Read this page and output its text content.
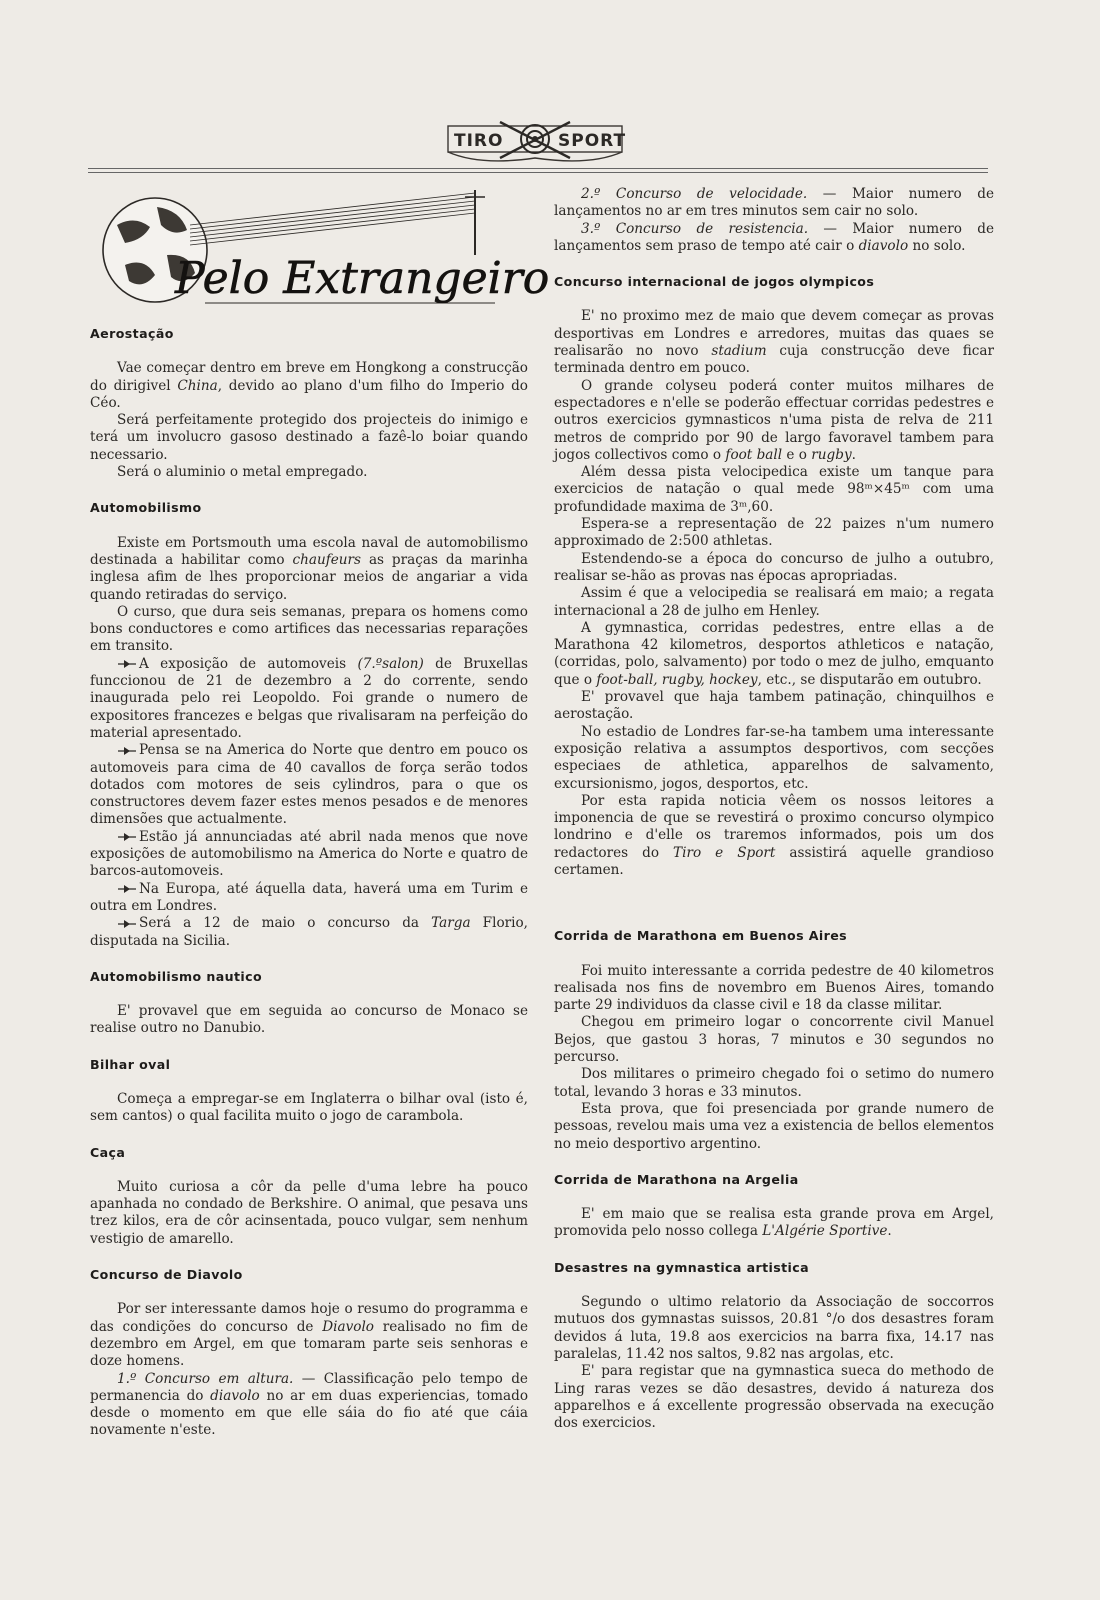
TIRO	SPORT
Pelo Extrangeiro
Aerostação

Vae começar dentro em breve em Hongkong a construcção do dirigivel China, devido ao plano d'um filho do Imperio do Céo.

Será perfeitamente protegido dos projecteis do inimigo e terá um involucro gasoso destinado a fazê-lo boiar quando necessario.

Será o aluminio o metal empregado.

Automobilismo

Existe em Portsmouth uma escola naval de automobilismo destinada a habilitar como chaufeurs as praças da marinha inglesa afim de lhes proporcionar meios de angariar a vida quando retiradas do serviço.

O curso, que dura seis semanas, prepara os homens como bons conductores e como artifices das necessarias reparações em transito.

A exposição de automoveis (7.ºsalon) de Bruxellas funccionou de 21 de dezembro a 2 do corrente, sendo inaugurada pelo rei Leopoldo. Foi grande o numero de expositores francezes e belgas que rivalisaram na perfeição do material apresentado.

Pensa se na America do Norte que dentro em pouco os automoveis para cima de 40 cavallos de força serão todos dotados com motores de seis cylindros, para o que os constructores devem fazer estes menos pesados e de menores dimensões que actualmente.

Estão já annunciadas até abril nada menos que nove exposições de automobilismo na America do Norte e quatro de barcos-automoveis.

Na Europa, até áquella data, haverá uma em Turim e outra em Londres.

Será a 12 de maio o concurso da Targa Florio, disputada na Sicilia.

Automobilismo nautico

E' provavel que em seguida ao concurso de Monaco se realise outro no Danubio.

Bilhar oval

Começa a empregar-se em Inglaterra o bilhar oval (isto é, sem cantos) o qual facilita muito o jogo de carambola.

Caça

Muito curiosa a côr da pelle d'uma lebre ha pouco apanhada no condado de Berkshire. O animal, que pesava uns trez kilos, era de côr acinsentada, pouco vulgar, sem nenhum vestigio de amarello.

Concurso de Diavolo

Por ser interessante damos hoje o resumo do programma e das condições do concurso de Diavolo realisado no fim de dezembro em Argel, em que tomaram parte seis senhoras e doze homens.

1.º Concurso em altura. — Classificação pelo tempo de permanencia do diavolo no ar em duas experiencias, tomado desde o momento em que elle sáia do fio até que cáia novamente n'este.

2.º Concurso de velocidade. — Maior numero de lançamentos no ar em tres minutos sem cair no solo.

3.º Concurso de resistencia. — Maior numero de lançamentos sem praso de tempo até cair o diavolo no solo.

Concurso internacional de jogos olympicos

E' no proximo mez de maio que devem começar as provas desportivas em Londres e arredores, muitas das quaes se realisarão no novo stadium cuja construcção deve ficar terminada dentro em pouco.

O grande colyseu poderá conter muitos milhares de espectadores e n'elle se poderão effectuar corridas pedestres e outros exercicios gymnasticos n'uma pista de relva de 211 metros de comprido por 90 de largo favoravel tambem para jogos collectivos como o foot ball e o rugby.

Além dessa pista velocipedica existe um tanque para exercicios de natação o qual mede 98ᵐ×45ᵐ com uma profundidade maxima de 3ᵐ,60.

Espera-se a representação de 22 paizes n'um numero approximado de 2:500 athletas.

Estendendo-se a época do concurso de julho a outubro, realisar se-hão as provas nas épocas apropriadas.

Assim é que a velocipedia se realisará em maio; a regata internacional a 28 de julho em Henley.

A gymnastica, corridas pedestres, entre ellas a de Marathona 42 kilometros, desportos athleticos e natação, (corridas, polo, salvamento) por todo o mez de julho, emquanto que o foot-ball, rugby, hockey, etc., se disputarão em outubro.

E' provavel que haja tambem patinação, chinquilhos e aerostação.

No estadio de Londres far-se-ha tambem uma interessante exposição relativa a assumptos desportivos, com secções especiaes de athletica, apparelhos de salvamento, excursionismo, jogos, desportos, etc.

Por esta rapida noticia vêem os nossos leitores a imponencia de que se revestirá o proximo concurso olympico londrino e d'elle os traremos informados, pois um dos redactores do Tiro e Sport assistirá aquelle grandioso certamen.

Corrida de Marathona em Buenos Aires

Foi muito interessante a corrida pedestre de 40 kilometros realisada nos fins de novembro em Buenos Aires, tomando parte 29 individuos da classe civil e 18 da classe militar.

Chegou em primeiro logar o concorrente civil Manuel Bejos, que gastou 3 horas, 7 minutos e 30 segundos no percurso.

Dos militares o primeiro chegado foi o setimo do numero total, levando 3 horas e 33 minutos.

Esta prova, que foi presenciada por grande numero de pessoas, revelou mais uma vez a existencia de bellos elementos no meio desportivo argentino.

Corrida de Marathona na Argelia

E' em maio que se realisa esta grande prova em Argel, promovida pelo nosso collega L'Algérie Sportive.

Desastres na gymnastica artistica

Segundo o ultimo relatorio da Associação de soccorros mutuos dos gymnastas suissos, 20.81 °/o dos desastres foram devidos á luta, 19.8 aos exercicios na barra fixa, 14.17 nas paralelas, 11.42 nos saltos, 9.82 nas argolas, etc.

E' para registar que na gymnastica sueca do methodo de Ling raras vezes se dão desastres, devido á natureza dos apparelhos e á excellente progressão observada na execução dos exercicios.
